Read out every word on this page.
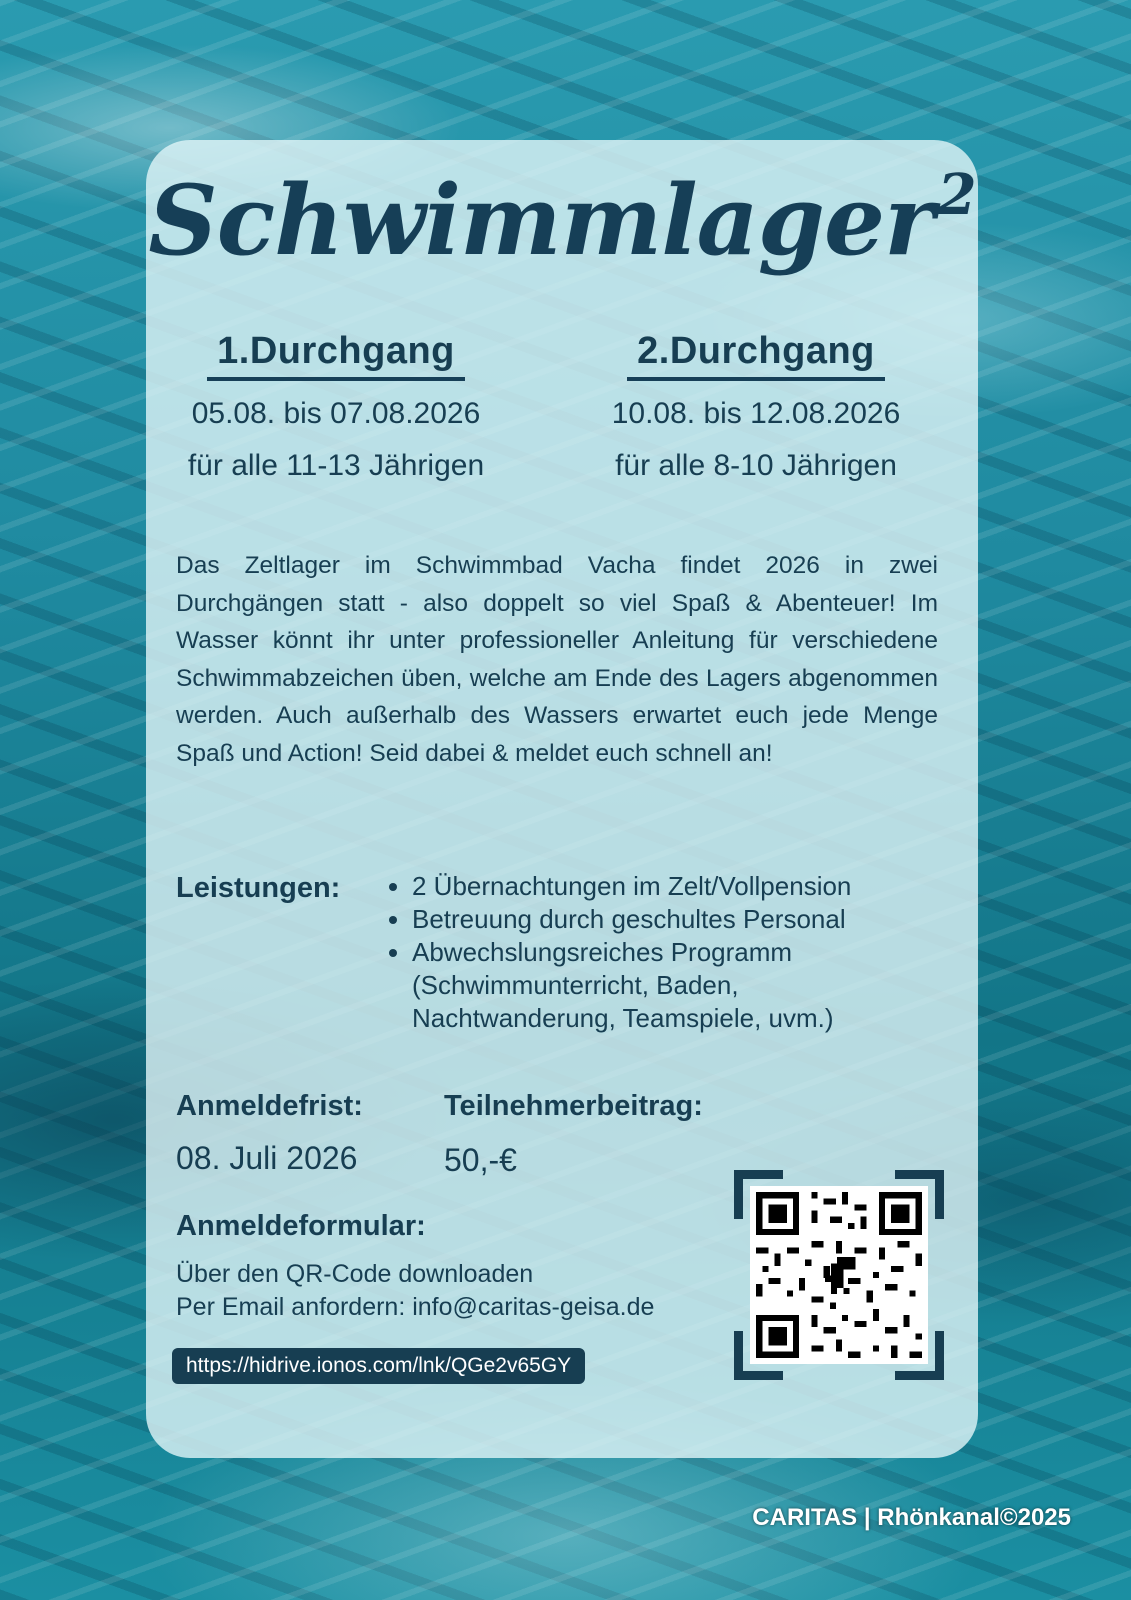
Schwimmlager$^2$
1.Durchgang
05.08. bis 07.08.2026
für alle 11-13 Jährigen
2.Durchgang
10.08. bis 12.08.2026
für alle 8-10 Jährigen

Das Zeltlager im Schwimmbad Vacha findet 2026 in zwei Durchgängen statt - also doppelt so viel Spaß & Abenteuer! Im Wasser könnt ihr unter professioneller Anleitung für verschiedene Schwimmabzeichen üben, welche am Ende des Lagers abgenommen werden. Auch außerhalb des Wassers erwartet euch jede Menge Spaß und Action! Seid dabei & meldet euch schnell an!

Leistungen:
•	2 Übernachtungen im Zelt/Vollpension
• Betreuung durch geschultes Personal
• Abwechslungsreiches Programm
(Schwimmunterricht, Baden,
Nachtwanderung, Teamspiele, uvm.)
Anmeldefrist:
08. Juli 2026
Teilnehmerbeitrag:
50,-€
Anmeldeformular:
Über den QR-Code downloaden
Per Email anfordern: info@caritas-geisa.de
https://hidrive.ionos.com/lnk/QGe2v65GY
CARITAS | Rhönkanal©2025
